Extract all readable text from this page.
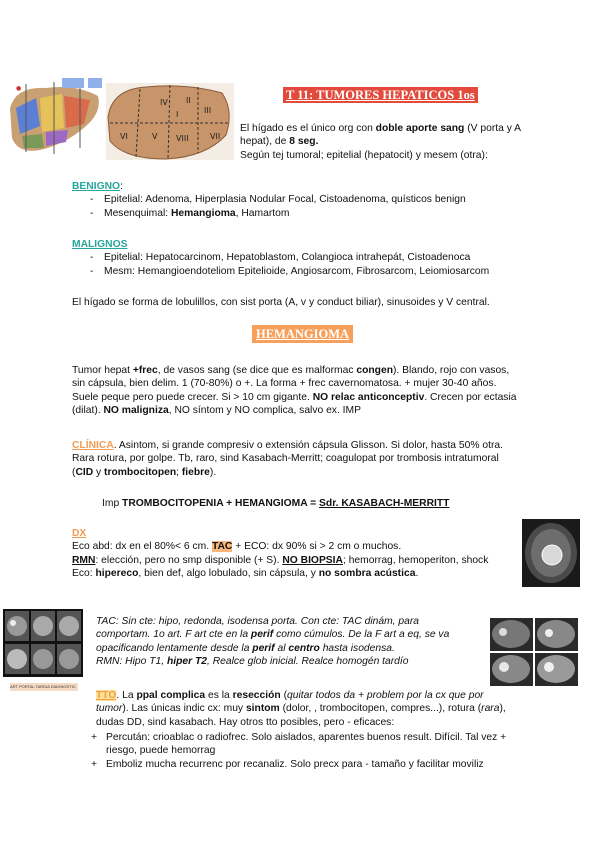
●
IV II
III
I
V VIII
VI	VII
T 11: TUMORES HEPATICOS 1os
El hígado es el único org con doble aporte sang (V porta y A hepat), de 8 seg.
Según tej tumoral; epitelial (hepatocit) y mesem (otra):
BENIGNO:
- Epitelial: Adenoma, Hiperplasia Nodular Focal, Cistoadenoma, quísticos benign
- Mesenquimal: Hemangioma, Hamartom
MALIGNOS
- Epitelial: Hepatocarcinom, Hepatoblastom, Colangioca intrahepát, Cistoadenoca
- Mesm: Hemangioendoteliom Epitelioide, Angiosarcom, Fibrosarcom, Leiomiosarcom
El hígado se forma de lobulillos, con sist porta (A, v y conduct biliar), sinusoides y V central.
HEMANGIOMA
Tumor hepat +frec, de vasos sang (se dice que es malformac congen). Blando, rojo con vasos, sin cápsula, bien delim. 1 (70-80%) o +. La forma + frec cavernomatosa. + mujer 30-40 años. Suele peque pero puede crecer. Si > 10 cm gigante. NO relac anticonceptiv. Crecen por ectasia (dilat). NO maligniza, NO síntom y NO complica, salvo ex. IMP
CLÍNICA. Asintom, si grande compresiv o extensión cápsula Glisson. Si dolor, hasta 50% otra. Rara rotura, por golpe. Tb, raro, sind Kasabach-Merritt; coagulopat por trombosis intratumoral (CID y trombocitopen; fiebre).
Imp TROMBOCITOPENIA + HEMANGIOMA = Sdr. KASABACH-MERRITT
DX
Eco abd: dx en el 80%< 6 cm. TAC + ECO: dx 90% si > 2 cm o muchos.
RMN: elección, pero no smp disponible (+ S). NO BIOPSIA; hemorrag, hemoperiton, shock
Eco: hipereco, bien def, algo lobulado, sin cápsula, y no sombra acústica.
ART PORTAL TARDIA DIAGNOSTIC
TAC: Sin cte: hipo, redonda, isodensa porta. Con cte: TAC dinám, para comportam. 1o art. F art cte en la perif como cúmulos. De la F art a eq, se va opacificando lentamente desde la perif al centro hasta isodensa.
RMN: Hipo T1, hiper T2, Realce glob inicial. Realce homogén tardío
TTO. La ppal complica es la resección (quitar todos da + problem por la cx que por tumor). Las únicas indic cx: muy sintom (dolor, , trombocitopen, compres...), rotura (rara), dudas DD, sind kasabach. Hay otros tto posibles, pero - eficaces:
+ Percután: crioablac o radiofrec. Solo aislados, aparentes buenos result. Difícil. Tal vez + riesgo, puede hemorrag
+ Emboliz mucha recurrenc por recanaliz. Solo precx para - tamaño y facilitar moviliz
